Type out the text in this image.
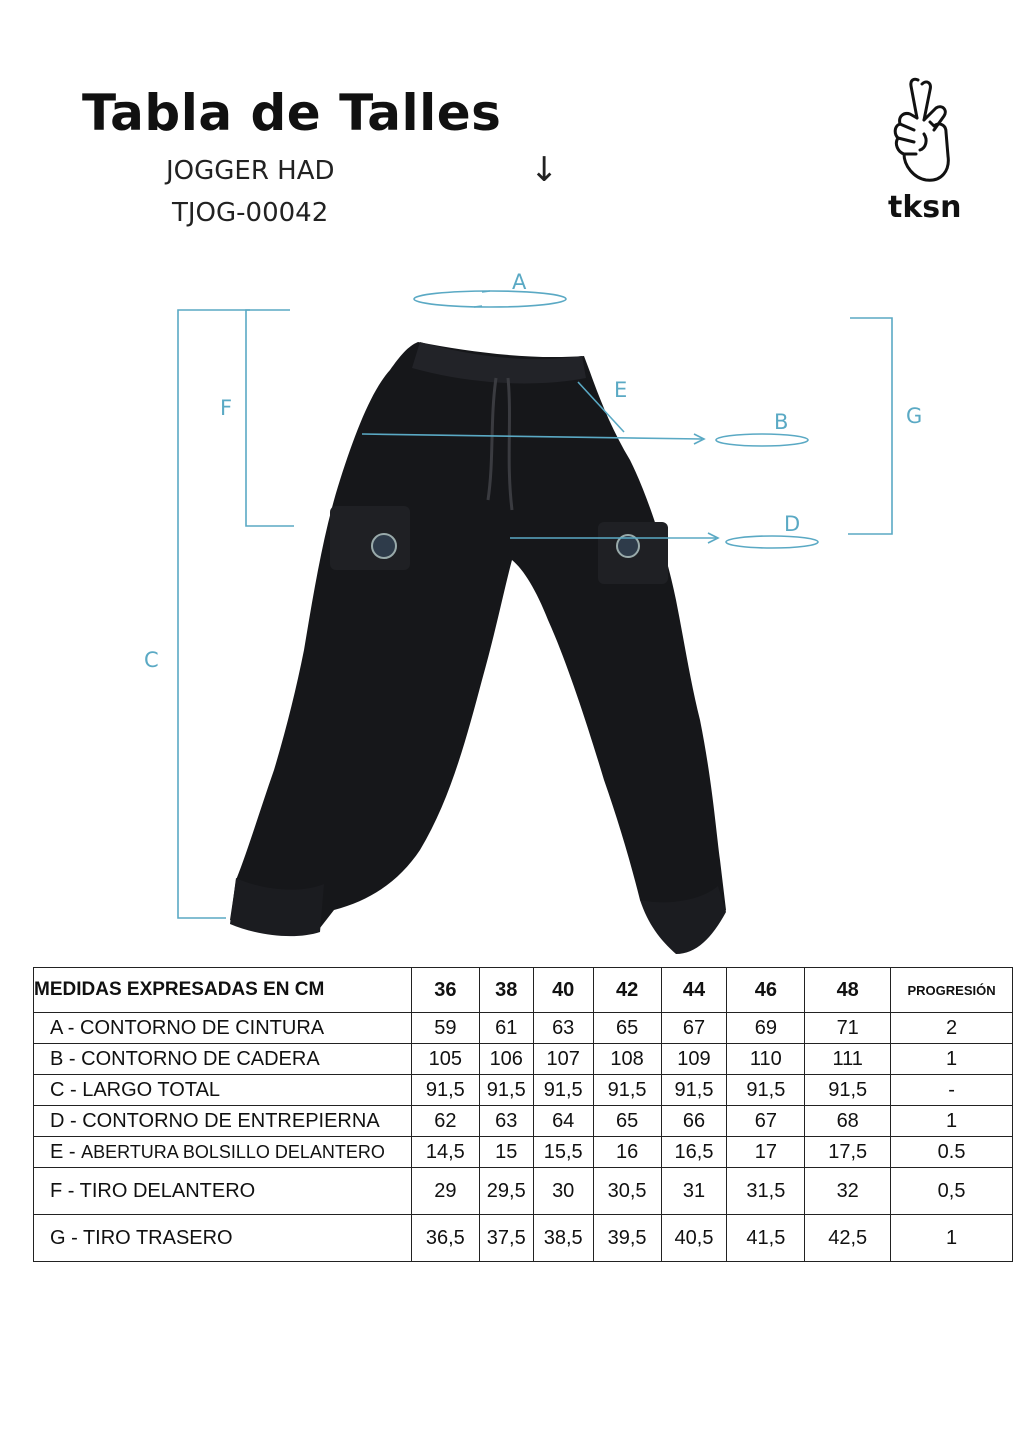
Tabla de Talles
JOGGER HAD
TJOG-00042
↓
tksn
A
B
C
D
E
F	G
MEDIDAS EXPRESADAS EN CM	36	38	40	42	44	46	48	PROGRESIÓN
A - CONTORNO DE CINTURA	59	61	63	65	67	69	71	2
B - CONTORNO DE CADERA	105	106	107	108	109	110	111	1
C - LARGO TOTAL	91,5	91,5	91,5	91,5	91,5	91,5	91,5	-
D - CONTORNO DE ENTREPIERNA	62	63	64	65	66	67	68	1
E - ABERTURA BOLSILLO DELANTERO	14,5	15	15,5	16	16,5	17	17,5	0.5
F - TIRO DELANTERO	29	29,5	30	30,5	31	31,5	32	0,5
G - TIRO TRASERO	36,5	37,5	38,5	39,5	40,5	41,5	42,5	1
